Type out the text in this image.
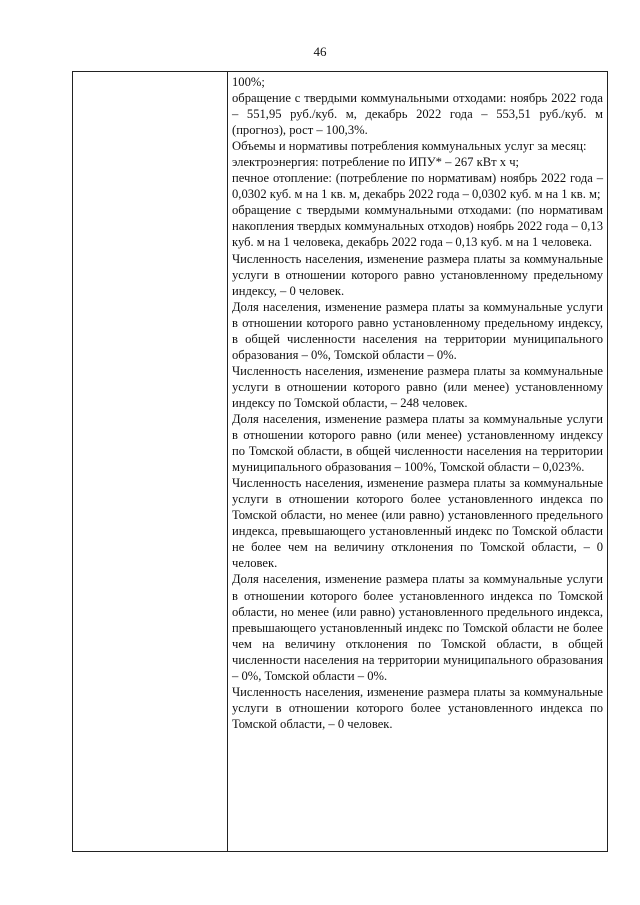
46

100%;

обращение с твердыми коммунальными отходами: ноябрь 2022 года – 551,95 руб./куб. м, декабрь 2022 года – 553,51 руб./куб. м (прогноз), рост – 100,3%.

Объемы и нормативы потребления коммунальных услуг за месяц:

электроэнергия: потребление по ИПУ* – 267 кВт х ч;

печное отопление: (потребление по нормативам) ноябрь 2022 года – 0,0302 куб. м на 1 кв. м, декабрь 2022 года – 0,0302 куб. м на 1 кв. м;

обращение с твердыми коммунальными отходами: (по нормативам накопления твердых коммунальных отходов) ноябрь 2022 года – 0,13 куб. м на 1 человека, декабрь 2022 года – 0,13 куб. м на 1 человека.

Численность населения, изменение размера платы за коммунальные услуги в отношении которого равно установленному предельному индексу, – 0 человек.

Доля населения, изменение размера платы за коммунальные услуги в отношении которого равно установленному предельному индексу, в общей численности населения на территории муниципального образования – 0%, Томской области – 0%.

Численность населения, изменение размера платы за коммунальные услуги в отношении которого равно (или менее) установленному индексу по Томской области, – 248 человек.

Доля населения, изменение размера платы за коммунальные услуги в отношении которого равно (или менее) установленному индексу по Томской области, в общей численности населения на территории муниципального образования – 100%, Томской области – 0,023%.

Численность населения, изменение размера платы за коммунальные услуги в отношении которого более установленного индекса по Томской области, но менее (или равно) установленного предельного индекса, превышающего установленный индекс по Томской области не более чем на величину отклонения по Томской области, – 0 человек.

Доля населения, изменение размера платы за коммунальные услуги в отношении которого более установленного индекса по Томской области, но менее (или равно) установленного предельного индекса, превышающего установленный индекс по Томской области не более чем на величину отклонения по Томской области, в общей численности населения на территории муниципального образования – 0%, Томской области – 0%.

Численность населения, изменение размера платы за коммунальные услуги в отношении которого более установленного индекса по Томской области, – 0 человек.
